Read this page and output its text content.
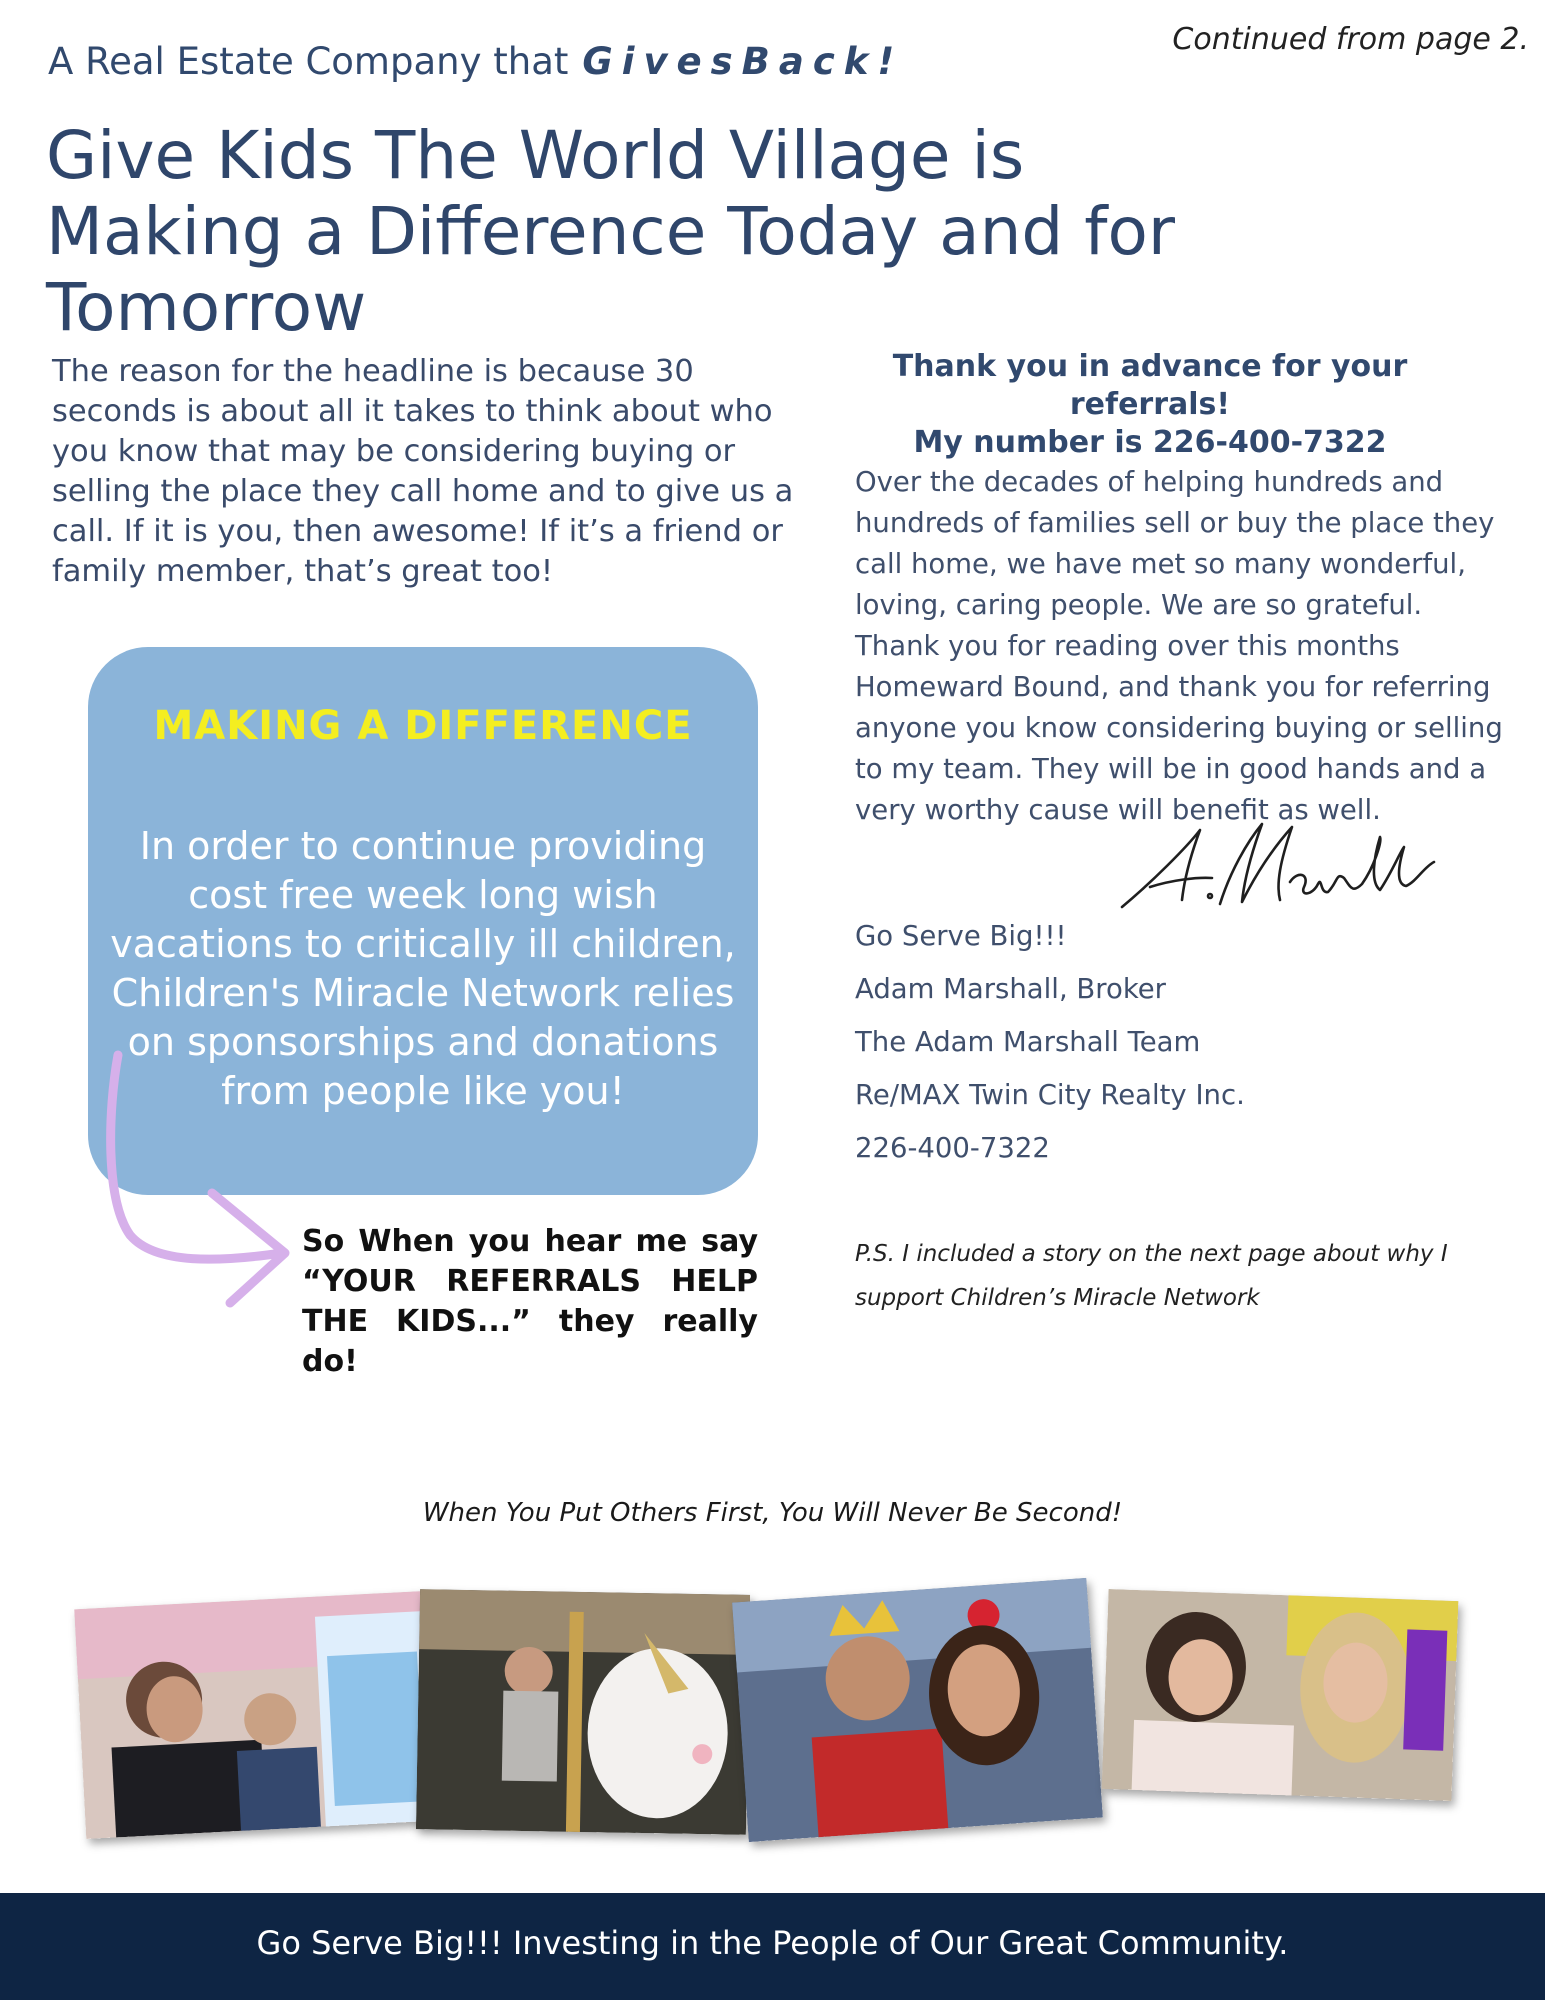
Continued from page 2.
A Real Estate Company that GivesBack!
Give Kids The World Village is Making a Difference Today and for Tomorrow

The reason for the headline is because 30 seconds is about all it takes to think about who you know that may be considering buying or selling the place they call home and to give us a call. If it is you, then awesome! If it’s a friend or family member, that’s great too!

MAKING A DIFFERENCE

In order to continue providing cost free week long wish vacations to critically ill children, Children's Miracle Network relies on sponsorships and donations from people like you!

So When you hear me say “YOUR REFERRALS HELP THE KIDS...” they really do!

Thank you in advance for your referrals!
My number is 226-400-7322

Over the decades of helping hundreds and hundreds of families sell or buy the place they call home, we have met so many wonderful, loving, caring people. We are so grateful. Thank you for reading over this months Homeward Bound, and thank you for referring anyone you know considering buying or selling to my team. They will be in good hands and a very worthy cause will benefit as well.

Go Serve Big!!!
Adam Marshall, Broker
The Adam Marshall Team
Re/MAX Twin City Realty Inc.
226-400-7322

P.S. I included a story on the next page about why I support Children’s Miracle Network

When You Put Others First, You Will Never Be Second!
Go Serve Big!!! Investing in the People of Our Great Community.
